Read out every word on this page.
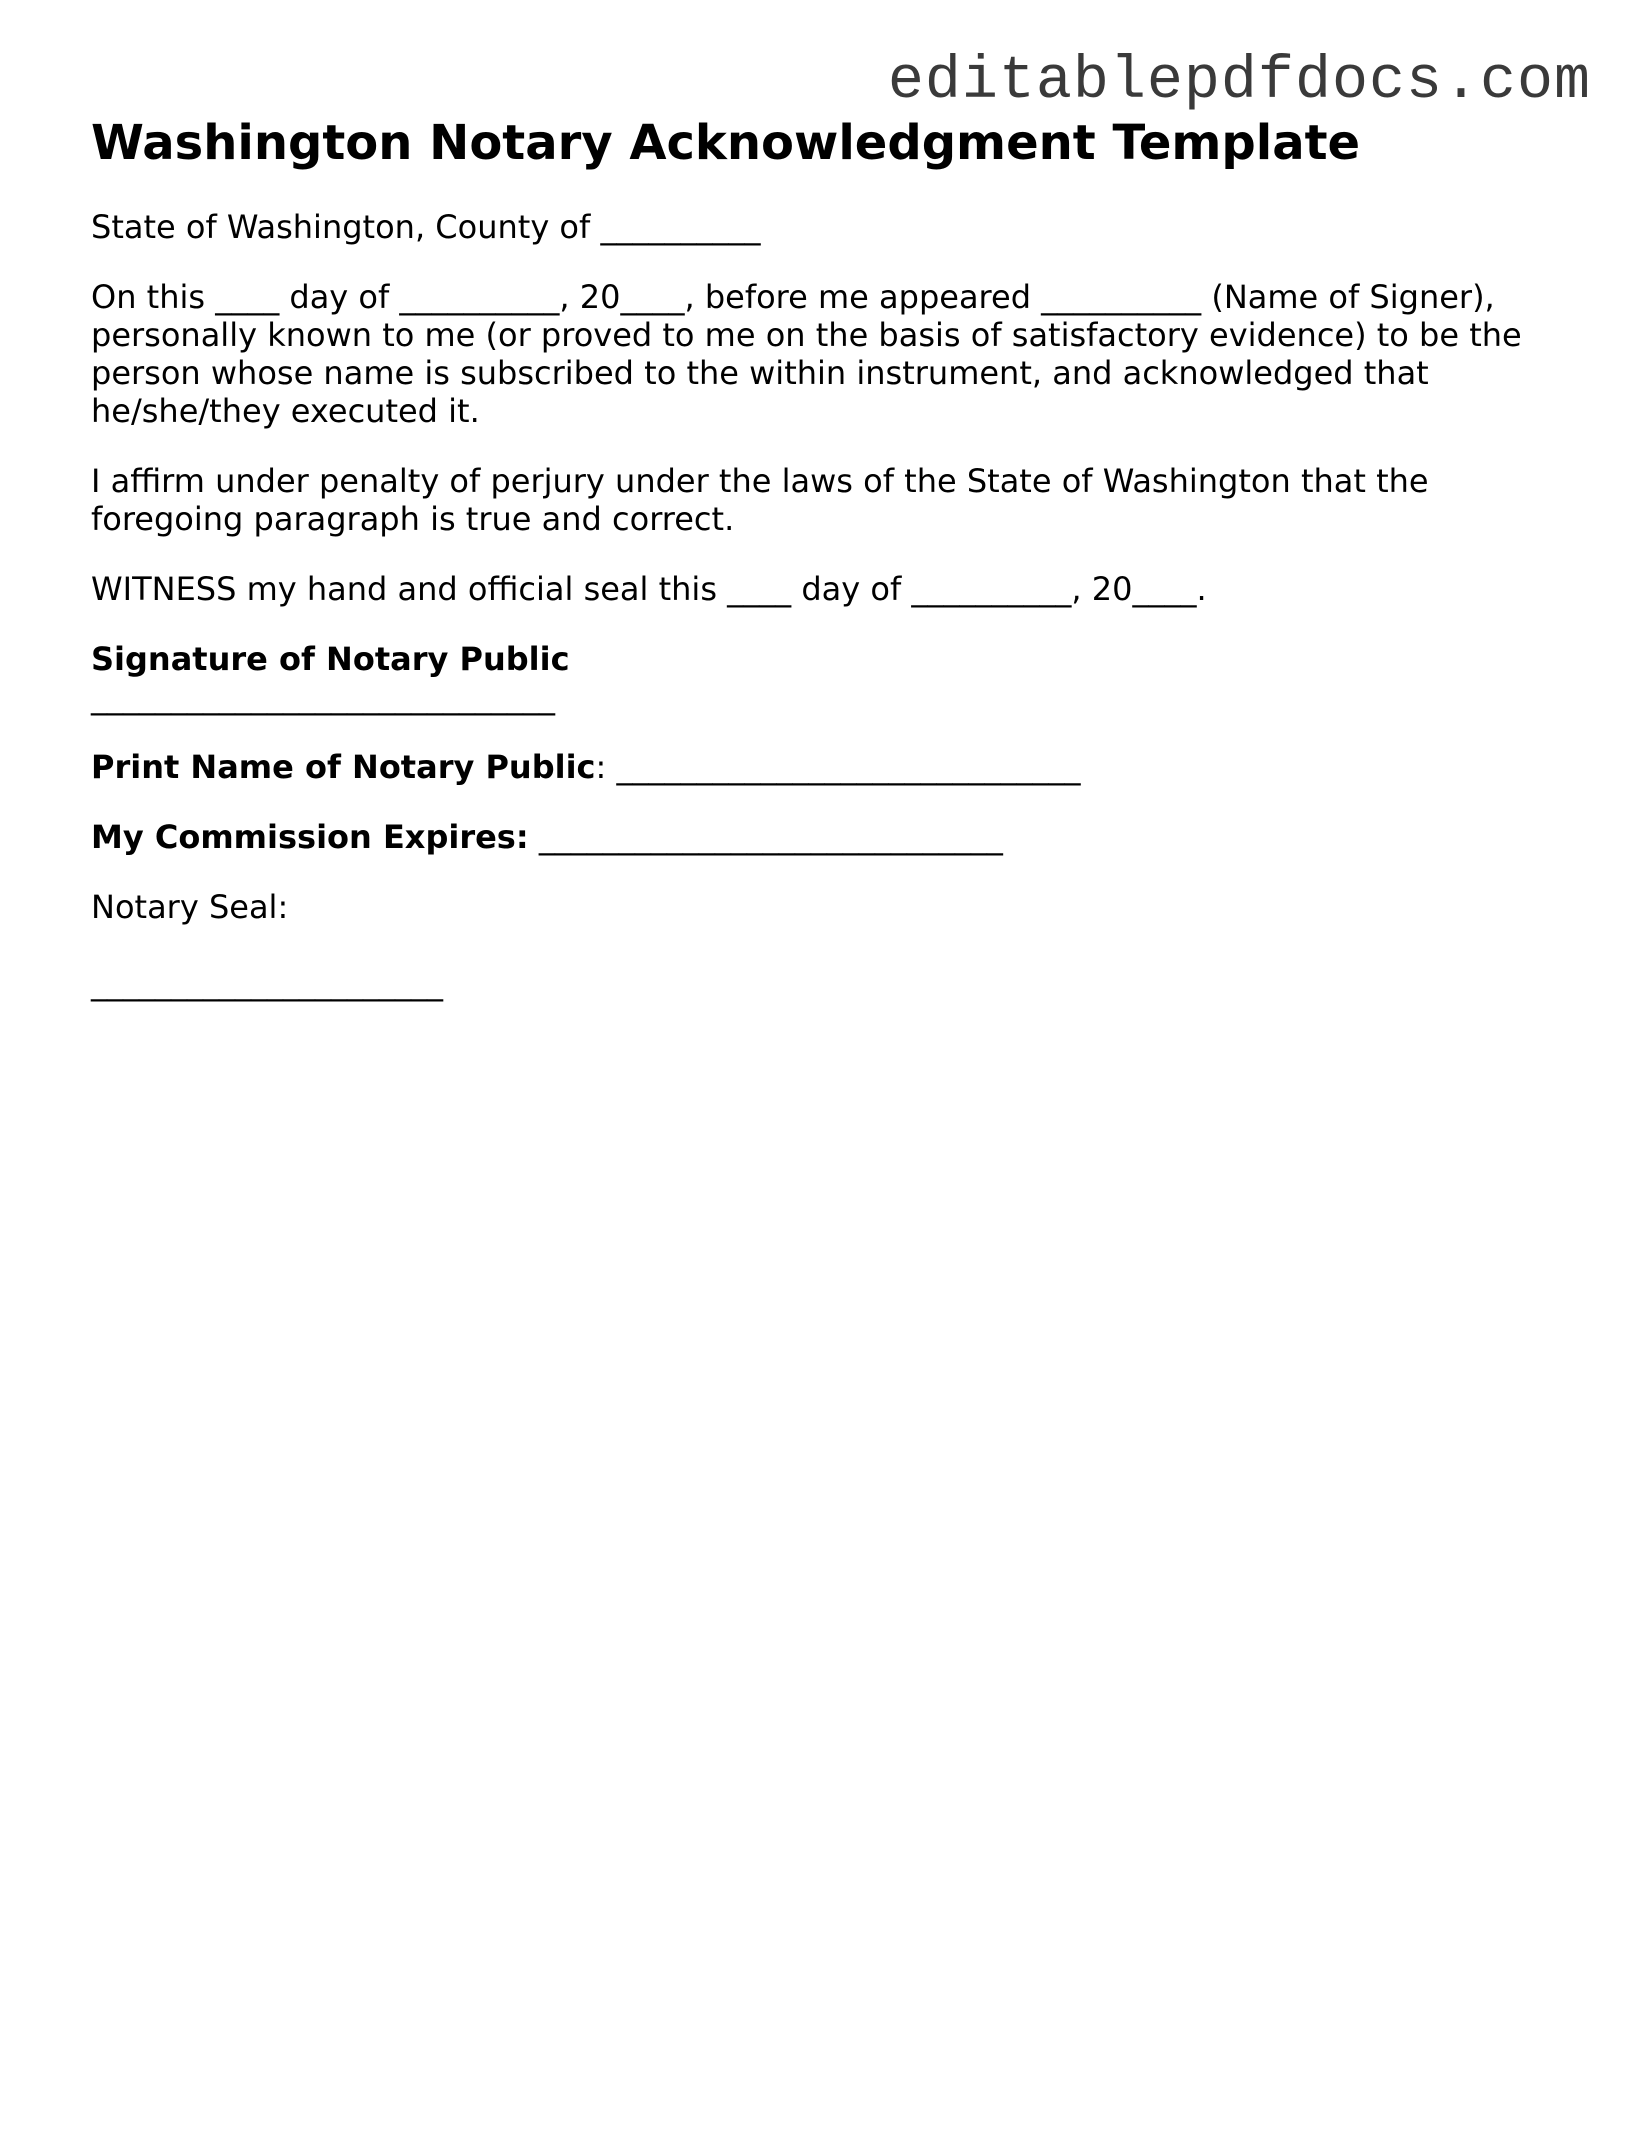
editablepdfdocs.com
Washington Notary Acknowledgment Template

State of Washington, County of __________

On this ____ day of __________, 20____, before me appeared __________ (Name of Signer), personally known to me (or proved to me on the basis of satisfactory evidence) to be the person whose name is subscribed to the within instrument, and acknowledged that he/she/they executed it.

I affirm under penalty of perjury under the laws of the State of Washington that the foregoing paragraph is true and correct.

WITNESS my hand and official seal this ____ day of __________, 20____.

Signature of Notary Public

_____________________________

Print Name of Notary Public: _____________________________

My Commission Expires: _____________________________

Notary Seal:

______________________
